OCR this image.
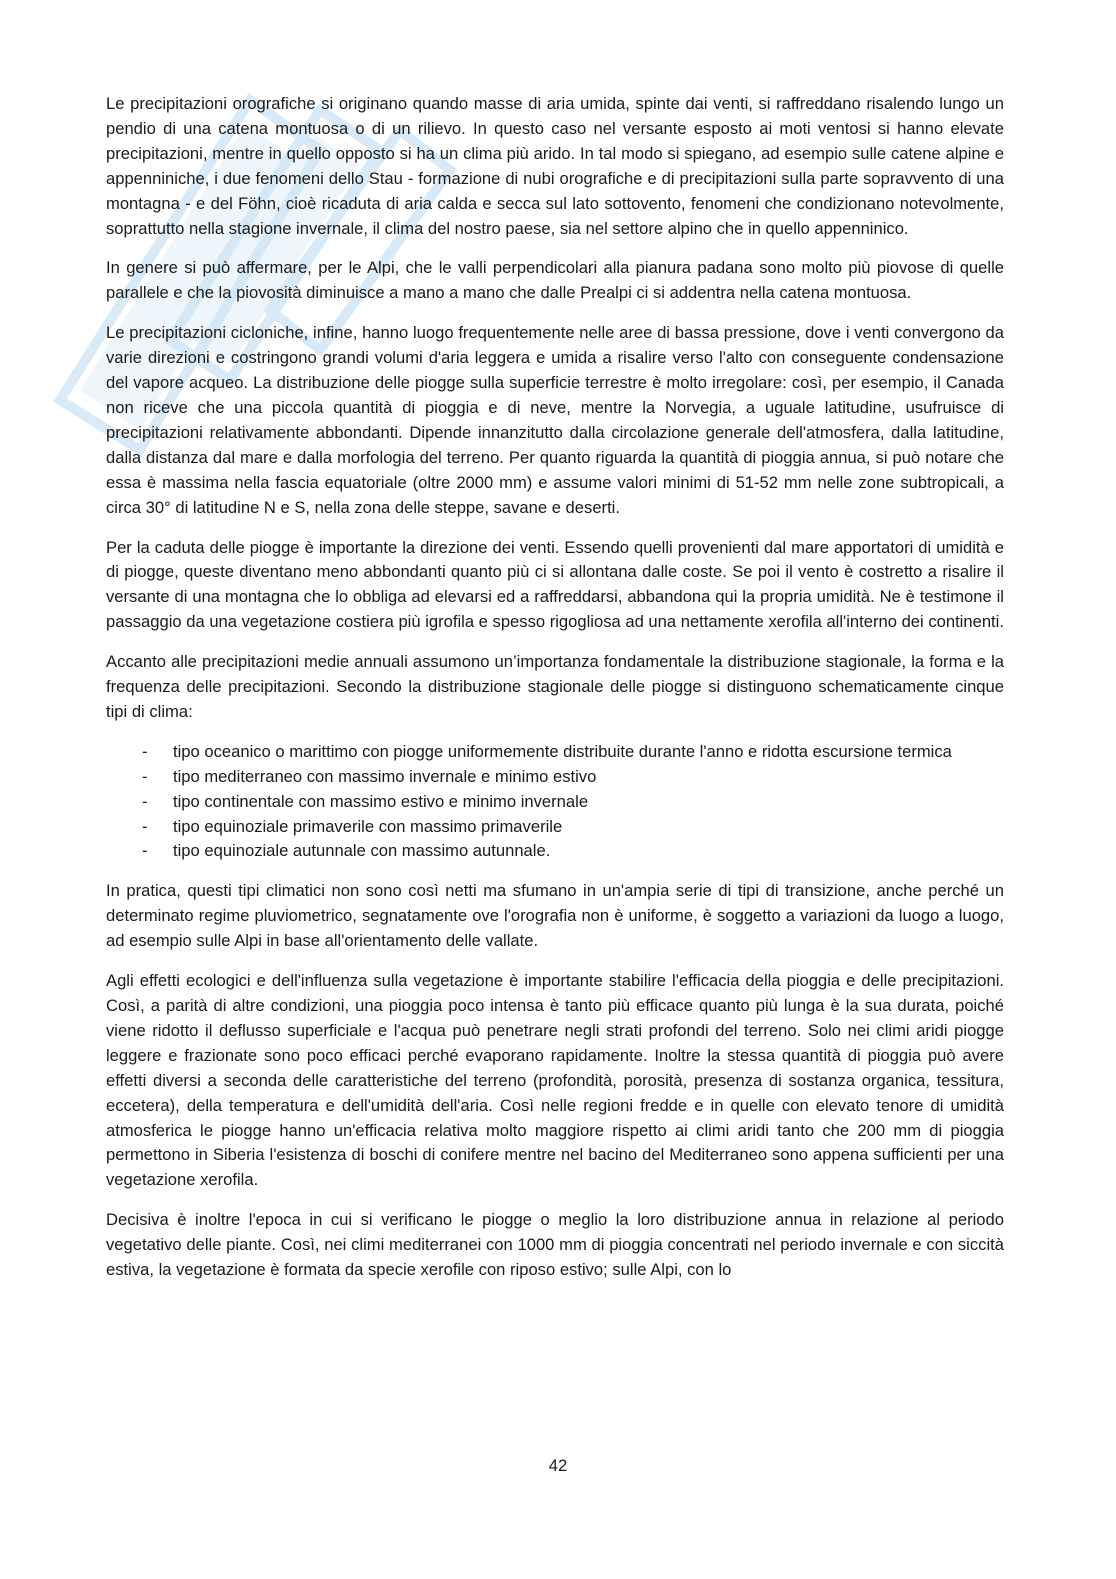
Le precipitazioni orografiche si originano quando masse di aria umida, spinte dai venti, si raffreddano risalendo lungo un pendio di una catena montuosa o di un rilievo. In questo caso nel versante esposto ai moti ventosi si hanno elevate precipitazioni, mentre in quello opposto si ha un clima più arido. In tal modo si spiegano, ad esempio sulle catene alpine e appenniniche, i due fenomeni dello Stau - formazione di nubi orografiche e di precipitazioni sulla parte sopravvento di una montagna - e del Föhn, cioè ricaduta di aria calda e secca sul lato sottovento, fenomeni che condizionano notevolmente, soprattutto nella stagione invernale, il clima del nostro paese, sia nel settore alpino che in quello appenninico.

In genere si può affermare, per le Alpi, che le valli perpendicolari alla pianura padana sono molto più piovose di quelle parallele e che la piovosità diminuisce a mano a mano che dalle Prealpi ci si addentra nella catena montuosa.

Le precipitazioni cicloniche, infine, hanno luogo frequentemente nelle aree di bassa pressione, dove i venti convergono da varie direzioni e costringono grandi volumi d'aria leggera e umida a risalire verso l'alto con conseguente condensazione del vapore acqueo. La distribuzione delle piogge sulla superficie terrestre è molto irregolare: così, per esempio, il Canada non riceve che una piccola quantità di pioggia e di neve, mentre la Norvegia, a uguale latitudine, usufruisce di precipitazioni relativamente abbondanti. Dipende innanzitutto dalla circolazione generale dell'atmosfera, dalla latitudine, dalla distanza dal mare e dalla morfologia del terreno. Per quanto riguarda la quantità di pioggia annua, si può notare che essa è massima nella fascia equatoriale (oltre 2000 mm) e assume valori minimi di 51-52 mm nelle zone subtropicali, a circa 30° di latitudine N e S, nella zona delle steppe, savane e deserti.

Per la caduta delle piogge è importante la direzione dei venti. Essendo quelli provenienti dal mare apportatori di umidità e di piogge, queste diventano meno abbondanti quanto più ci si allontana dalle coste. Se poi il vento è costretto a risalire il versante di una montagna che lo obbliga ad elevarsi ed a raffreddarsi, abbandona qui la propria umidità. Ne è testimone il passaggio da una vegetazione costiera più igrofila e spesso rigogliosa ad una nettamente xerofila all'interno dei continenti.

Accanto alle precipitazioni medie annuali assumono un’importanza fondamentale la distribuzione stagionale, la forma e la frequenza delle precipitazioni. Secondo la distribuzione stagionale delle piogge si distinguono schematicamente cinque tipi di clima:

- tipo oceanico o marittimo con piogge uniformemente distribuite durante l'anno e ridotta escursione termica
- tipo mediterraneo con massimo invernale e minimo estivo
- tipo continentale con massimo estivo e minimo invernale
- tipo equinoziale primaverile con massimo primaverile
- tipo equinoziale autunnale con massimo autunnale.

In pratica, questi tipi climatici non sono così netti ma sfumano in un'ampia serie di tipi di transizione, anche perché un determinato regime pluviometrico, segnatamente ove l'orografia non è uniforme, è soggetto a variazioni da luogo a luogo, ad esempio sulle Alpi in base all'orientamento delle vallate.

Agli effetti ecologici e dell'influenza sulla vegetazione è importante stabilire l'efficacia della pioggia e delle precipitazioni. Così, a parità di altre condizioni, una pioggia poco intensa è tanto più efficace quanto più lunga è la sua durata, poiché viene ridotto il deflusso superficiale e l'acqua può penetrare negli strati profondi del terreno. Solo nei climi aridi piogge leggere e frazionate sono poco efficaci perché evaporano rapidamente. Inoltre la stessa quantità di pioggia può avere effetti diversi a seconda delle caratteristiche del terreno (profondità, porosità, presenza di sostanza organica, tessitura, eccetera), della temperatura e dell'umidità dell'aria. Così nelle regioni fredde e in quelle con elevato tenore di umidità atmosferica le piogge hanno un'efficacia relativa molto maggiore rispetto ai climi aridi tanto che 200 mm di pioggia permettono in Siberia l'esistenza di boschi di conifere mentre nel bacino del Mediterraneo sono appena sufficienti per una vegetazione xerofila.

Decisiva è inoltre l'epoca in cui si verificano le piogge o meglio la loro distribuzione annua in relazione al periodo vegetativo delle piante. Così, nei climi mediterranei con 1000 mm di pioggia concentrati nel periodo invernale e con siccità estiva, la vegetazione è formata da specie xerofile con riposo estivo; sulle Alpi, con lo

42
